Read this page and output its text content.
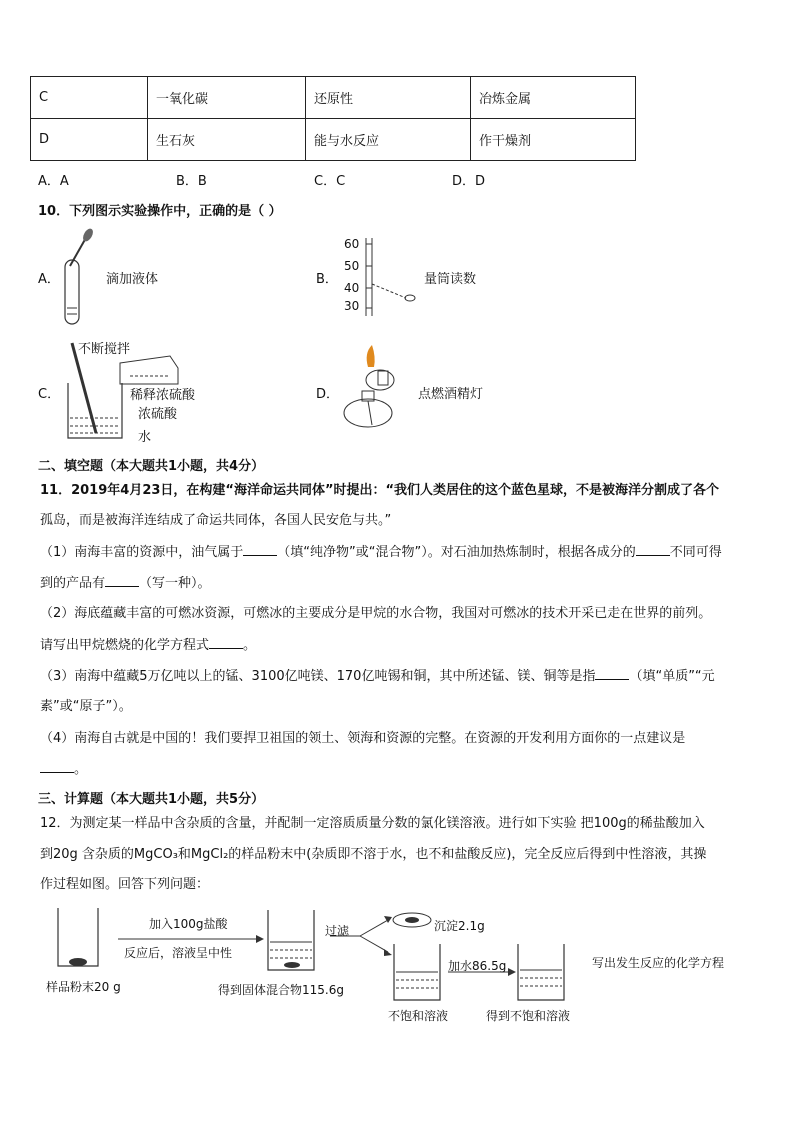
C	一氧化碳	还原性	冶炼金属
D	生石灰	能与水反应	作干燥剂
A．A	B．B	C．C	D．D
10．下列图示实验操作中，正确的是（ ）
A．	滴加液体	B．
60
50
40
30
量筒读数
C．
不断搅拌
稀释浓硫酸
浓硫酸
水
D．	点燃酒精灯
二、填空题（本大题共1小题，共4分）
11．2019年4月23日，在构建“海洋命运共同体”时提出：“我们人类居住的这个蓝色星球，不是被海洋分割成了各个
孤岛，而是被海洋连结成了命运共同体，各国人民安危与共。”
（1）南海丰富的资源中，油气属于	（填“纯净物”或“混合物”）。对石油加热炼制时，根据各成分的	不同可得
到的产品有	（写一种）。
（2）海底蕴藏丰富的可燃冰资源，可燃冰的主要成分是甲烷的水合物，我国对可燃冰的技术开采已走在世界的前列。
请写出甲烷燃烧的化学方程式	。
（3）南海中蕴藏5万亿吨以上的锰、3100亿吨镁、170亿吨锡和铜，其中所述锰、镁、铜等是指	（填“单质”“元
素”或“原子”）。
（4）南海自古就是中国的！我们要捍卫祖国的领土、领海和资源的完整。在资源的开发利用方面你的一点建议是
。
三、计算题（本大题共1小题，共5分）
12．为测定某一样品中含杂质的含量，并配制一定溶质质量分数的氯化镁溶液。进行如下实验 把100g的稀盐酸加入
到20g 含杂质的MgCO₃和MgCl₂的样品粉末中(杂质即不溶于水，也不和盐酸反应)，完全反应后得到中性溶液，其操
作过程如图。回答下列问题：
加入100g盐酸
反应后，溶液呈中性
样品粉末20 g	得到固体混合物115.6g
过滤	沉淀2.1g
加水86.5g
不饱和溶液	得到不饱和溶液
写出发生反应的化学方程
